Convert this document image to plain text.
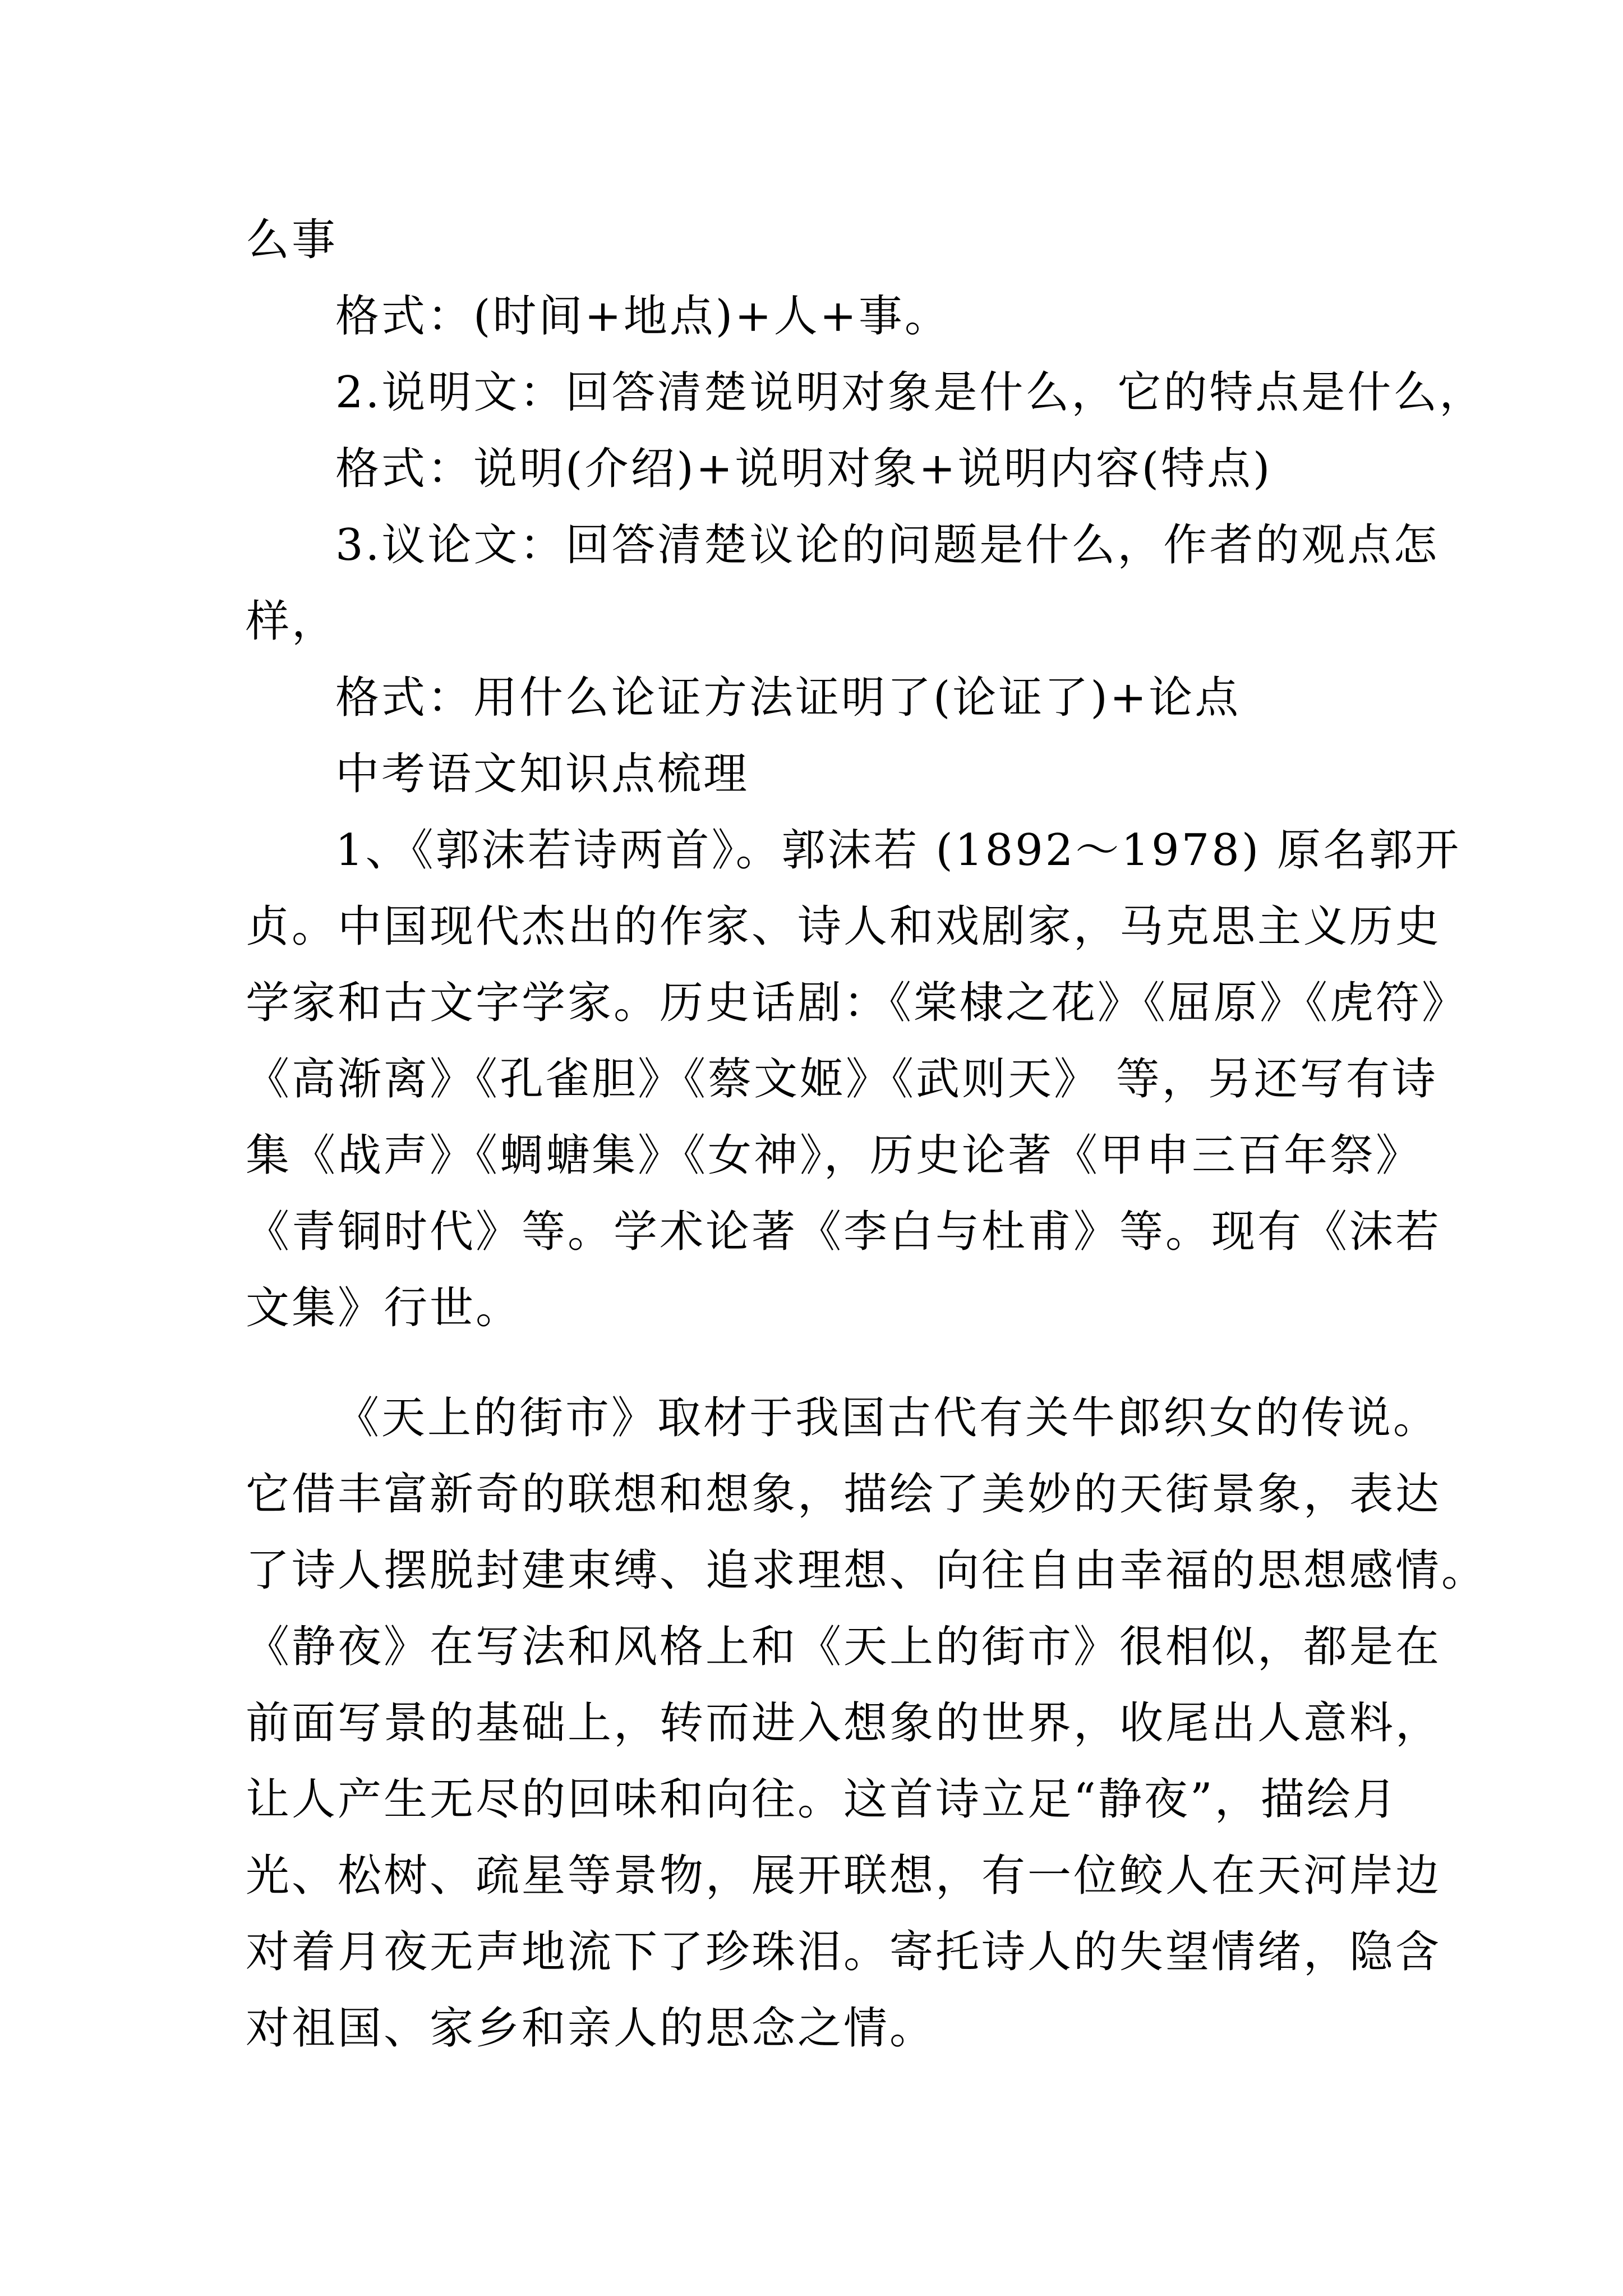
么事
格式：(时间+地点)+人+事。
2.说明文：回答清楚说明对象是什么，它的特点是什么，
格式：说明(介绍)+说明对象+说明内容(特点)
3.议论文：回答清楚议论的问题是什么，作者的观点怎
样，
格式：用什么论证方法证明了(论证了)+论点
中考语文知识点梳理
1、《郭沫若诗两首》。郭沫若 (1892～1978) 原名郭开
贞。中国现代杰出的作家、诗人和戏剧家，马克思主义历史
学家和古文字学家。历史话剧：《棠棣之花》《屈原》《虎符》
《高渐离》《孔雀胆》《蔡文姬》《武则天》 等，另还写有诗
集《战声》《蜩螗集》《女神》，历史论著《甲申三百年祭》
《青铜时代》等。学术论著《李白与杜甫》等。现有《沫若
文集》行世。
《天上的街市》取材于我国古代有关牛郎织女的传说。
它借丰富新奇的联想和想象，描绘了美妙的天街景象，表达
了诗人摆脱封建束缚、追求理想、向往自由幸福的思想感情。
《静夜》在写法和风格上和《天上的街市》很相似，都是在
前面写景的基础上，转而进入想象的世界，收尾出人意料，
让人产生无尽的回味和向往。这首诗立足“静夜”，描绘月
光、松树、疏星等景物，展开联想，有一位鲛人在天河岸边
对着月夜无声地流下了珍珠泪。寄托诗人的失望情绪，隐含
对祖国、家乡和亲人的思念之情。
